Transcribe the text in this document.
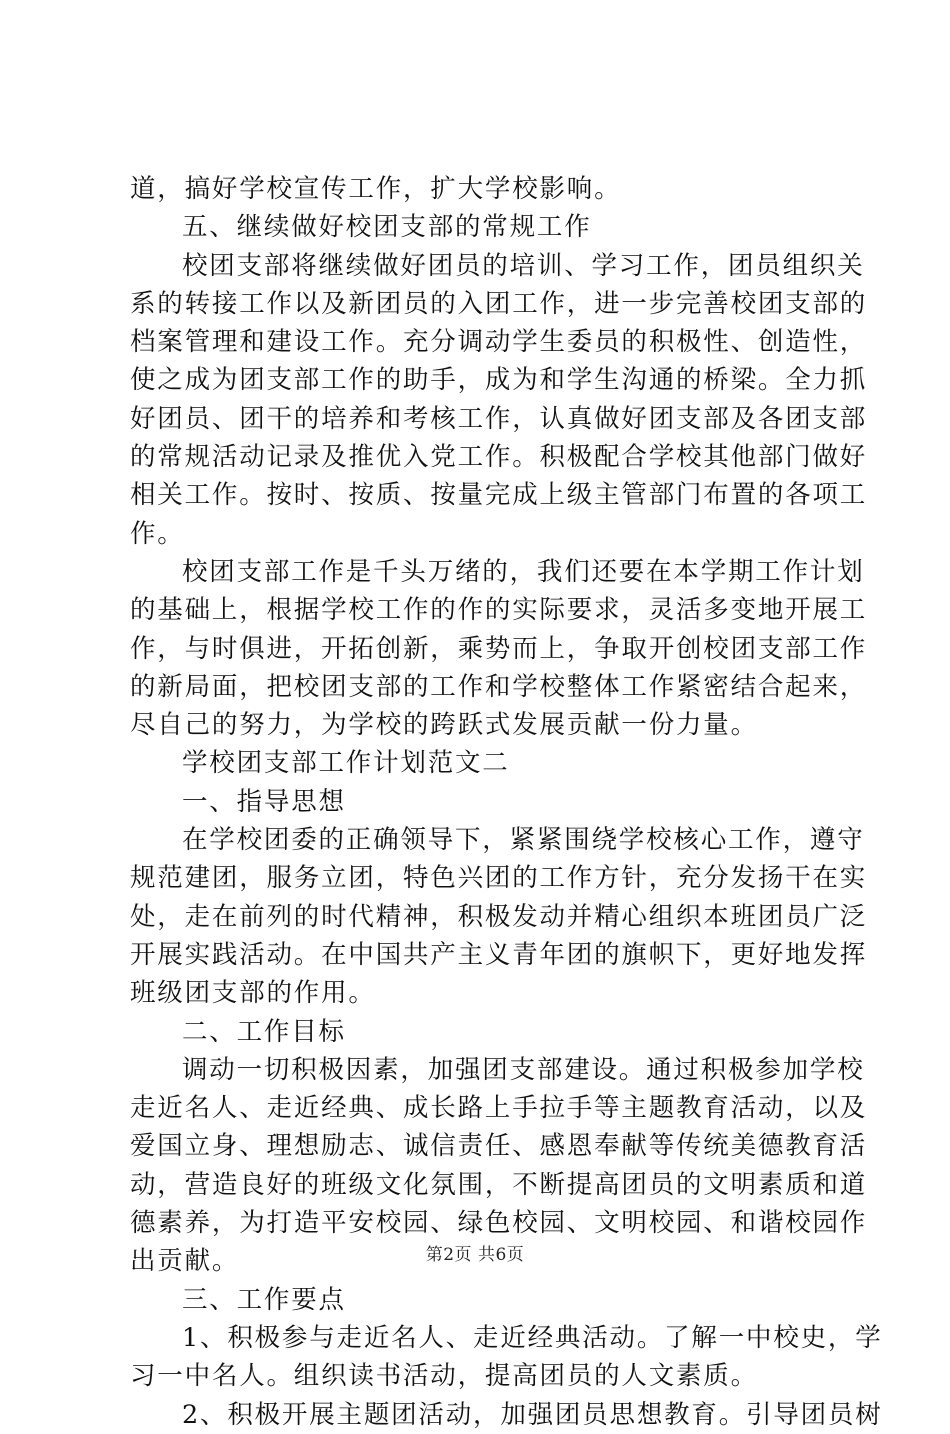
道，搞好学校宣传工作，扩大学校影响。
五、继续做好校团支部的常规工作
校团支部将继续做好团员的培训、学习工作，团员组织关
系的转接工作以及新团员的入团工作，进一步完善校团支部的
档案管理和建设工作。充分调动学生委员的积极性、创造性，
使之成为团支部工作的助手，成为和学生沟通的桥梁。全力抓
好团员、团干的培养和考核工作，认真做好团支部及各团支部
的常规活动记录及推优入党工作。积极配合学校其他部门做好
相关工作。按时、按质、按量完成上级主管部门布置的各项工
作。
校团支部工作是千头万绪的，我们还要在本学期工作计划
的基础上，根据学校工作的作的实际要求，灵活多变地开展工
作，与时俱进，开拓创新，乘势而上，争取开创校团支部工作
的新局面，把校团支部的工作和学校整体工作紧密结合起来，
尽自己的努力，为学校的跨跃式发展贡献一份力量。
学校团支部工作计划范文二
一、指导思想
在学校团委的正确领导下，紧紧围绕学校核心工作，遵守
规范建团，服务立团，特色兴团的工作方针，充分发扬干在实
处，走在前列的时代精神，积极发动并精心组织本班团员广泛
开展实践活动。在中国共产主义青年团的旗帜下，更好地发挥
班级团支部的作用。
二、工作目标
调动一切积极因素，加强团支部建设。通过积极参加学校
走近名人、走近经典、成长路上手拉手等主题教育活动，以及
爱国立身、理想励志、诚信责任、感恩奉献等传统美德教育活
动，营造良好的班级文化氛围，不断提高团员的文明素质和道
德素养，为打造平安校园、绿色校园、文明校园、和谐校园作
出贡献。
三、工作要点
1、积极参与走近名人、走近经典活动。了解一中校史，学
习一中名人。组织读书活动，提高团员的人文素质。
2、积极开展主题团活动，加强团员思想教育。引导团员树
第2页 共6页
